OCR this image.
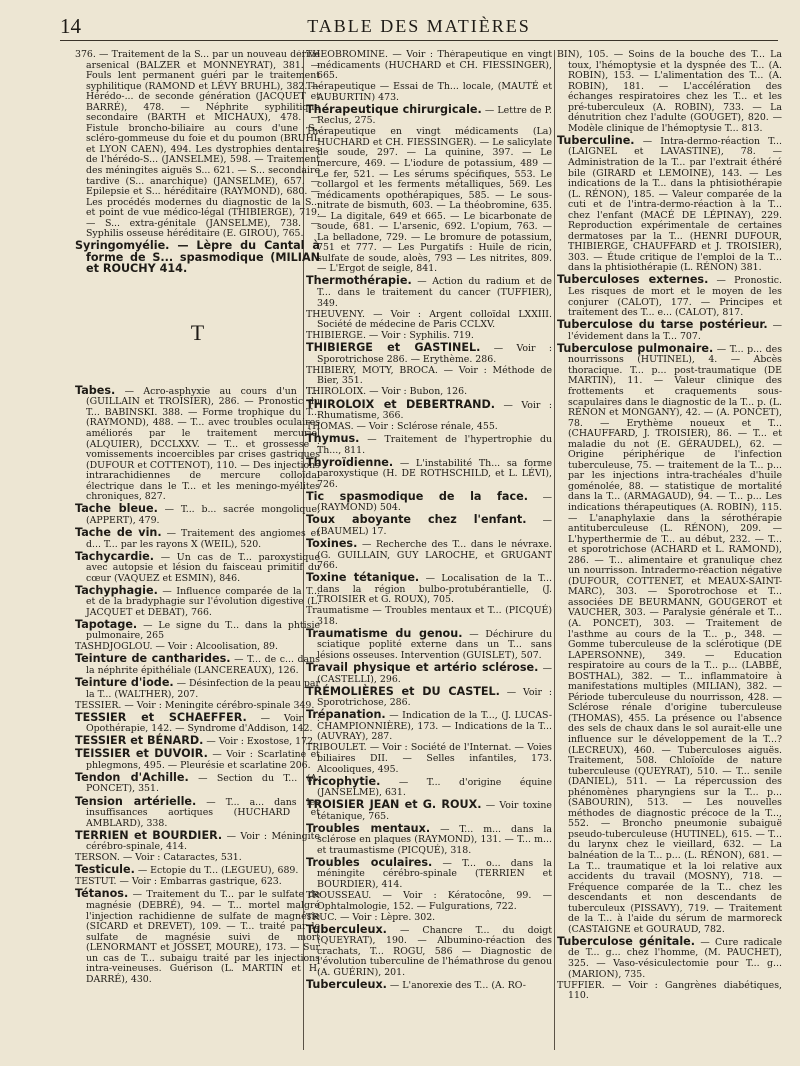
14	TABLE DES MATIÈRES

376. — Traitement de la S... par un nouveau dérivé arsenical (BALZER et MONNEYRAT), 381. — Fouls lent permanent guéri par le traitement syphilitique (RAMOND et LÉVY BRUHL), 382. — Hérédo-... de seconde génération (JACQUET et BARRÉ), 478. — Néphrite syphilitique secondaire (BARTH et MICHAUX), 478. — Fistule broncho-biliaire au cours d'une S.. scléro-gommeuse du foie et du poumon (BRUHL et LYON CAEN), 494. Les dystrophies dentaires de l'hérédo-S... (JANSELME), 598. — Traitement des méningites aiguës S... 621. — S... secondaire tardive (S... anarchique) (JANSELME), 657. — Epilepsie et S... héréditaire (RAYMOND), 680. — Les procédés modernes du diagnostic de la S... et point de vue médico-légal (THIBIERGE), 719. — S... extra-génitale (JANSELME), 738. — Syphilis osseuse héréditaire (E. GIROU), 765.

Syringomyélie. — Lèpre du Cantal à forme de S... spasmodique (MILIAN et ROUCHY 414.

T

Tabes. — Acro-asphyxie au cours d'un T... (GUILLAIN et TROISIER), 286. — Pronostic du T... BABINSKI. 388. — Forme trophique du T... (RAYMOND), 488. — T... avec troubles oculaires améliorés par le traitement mercuriel (ALQUIER), DCCLXXV. — T... et grossesse : vomissements incoercibles par crises gastriques (DUFOUR et COTTENOT), 110. — Des injections intrarachidiennes de mercure colloïdal électrique dans le T... et les meningo-myélites chroniques, 827.

Tache bleue. — T... b... sacrée mongolique, (APPERT), 479.

Tache de vin. — Traitement des angiomes et d... T... par les rayons X (WEIL), 520.

Tachycardie. — Un cas de T... paroxystique avec autopsie et lésion du faisceau primitif du cœur (VAQUEZ et ESMIN), 846.

Tachyphagie. — Influence comparée de la T... et de la bradyphagie sur l'évolution digestive (L. JACQUET et DEBAT), 766.

Tapotage. — Le signe du T... dans la phtisie pulmonaire, 265

TASHDJOGLOU. — Voir : Alcoolisation, 89.

Teinture de cantharides. — T... de c... dans la néphrite épithéliale (LANCEREAUX), 126.

Teinture d'iode. — Désinfection de la peau par la T... (WALTHER), 207.

TESSIER. — Voir : Meningite cérébro-spinale 349.

TESSIER et SCHAEFFER. — Voir : Opothérapie, 142. — Syndrome d'Addison, 142.

TESSIER et BÉNARD. — Voir : Exostose, 172.

TEISSIER et DUVOIR. — Voir : Scarlatine et phlegmons, 495. — Pleurésie et scarlatine 206.

Tendon d'Achille. — Section du T... (A. PONCET), 351.

Tension artérielle. — T... a... dans les insuffisances aortiques (HUCHARD et AMBLARD), 338.

TERRIEN et BOURDIER. — Voir : Méningite cérébro-spinale, 414.

TERSON. — Voir : Cataractes, 531.

Testicule. — Ectopie du T... (LEGUEU), 689.

TESTUT. — Voir : Embarras gastrique, 623.

Tétanos. — Traitement du T... par le sulfate de magnésie (DEBRÉ), 94. — T... mortel malgré l'injection rachidienne de sulfate de magnésie (SICARD et DREVET), 109. — T... traité par le sulfate de magnésie suivi de mort (LENORMANT et JOSSET, MOURE), 173. — Sur un cas de T... subaigu traité par les injections intra-veineuses. Guérison (L. MARTIN et H. DARRÉ), 430.

THÉOBROMINE. — Voir : Thérapeutique en vingt médicaments (HUCHARD et CH. FIESSINGER), 665.

Thérapeutique — Essai de Th... locale, (MAUTÉ et AUBURTIN) 473.

Thérapeutique chirurgicale. — Lettre de P. Reclus, 275.

Thérapeutique en vingt médicaments (La) HUCHARD et CH. FIESSINGER). — Le salicylate de soude, 297. — La quinine, 397. — Le mercure, 469. — L'iodure de potassium, 489 — Le fer, 521. — Les sérums spécifiques, 553. Le collargol et les ferments métalliques, 569. Les médicaments opothérapiques, 585. — Le sous-nitrate de bismuth, 603. — La théobromine, 635. — La digitale, 649 et 665. — Le bicarbonate de soude, 681. — L'arsenic, 692. L'opium, 763. — La belladone, 729. — Le bromure de potassium, 751 et 777. — Les Purgatifs : Huile de ricin, sulfate de soude, aloès, 793 — Les nitrites, 809. — L'Ergot de seigle, 841.

Thermothérapie. — Action du radium et de T... dans le traitement du cancer (TUFFIER), 349.

THEUVENY. — Voir : Argent colloïdal LXXIII. Société de médecine de Paris CCLXV.

THIBIERGE. — Voir : Syphilis. 719.

THIBIERGE et GASTINEL. — Voir : Sporotrichose 286. — Erythème. 286.

THIBIERY, MOTY, BROCA. — Voir : Méthode de Bier, 351.

THIROLOIX. — Voir : Bubon, 126.

THIROLOIX et DEBERTRAND. — Voir : Rhumatisme, 366.

THOMAS. — Voir : Sclérose rénale, 455.

Thymus. — Traitement de l'hypertrophie du Th..., 811.

Thyroïdienne. — L'instabilité Th... sa forme paroxystique (H. DE ROTHSCHILD, et L. LÉVI), 726.

Tic spasmodique de la face. — (RAYMOND) 504.

Toux aboyante chez l'enfant. — (BAUMEL) 17.

Toxines. — Recherche des T... dans le névraxe. (G. GUILLAIN, GUY LAROCHE, et GRUGANT 766.

Toxine tétanique. — Localisation de la T... dans la région bulbo-protubérantielle, (J. TROISIER et G. ROUX), 705.

Traumatisme — Troubles mentaux et T... (PICQUÉ) 318.

Traumatisme du genou. — Déchirure du sciatique poplité externe dans un T... sans lésions osseuses. Intervention (GUISLET), 507.

Travail physique et artério sclérose. — (CASTELLI), 296.

TRÉMOLIÈRES et DU CASTEL. — Voir : Sporotrichose, 286.

Trépanation. — Indication de la T..., (J. LUCAS-CHAMPIONNIÈRE), 173. — Indications de la T... (AUVRAY), 287.

TRIBOULET. — Voir : Société de l'Internat. — Voies biliaires DII. — Selles infantiles, 173. Alcooliques, 495.

Tricophytie. — T... d'origine équine (JANSELME), 631.

TROISIER JEAN et G. ROUX. — Voir toxine tétanique, 765.

Troubles mentaux. — T... m... dans la sclérose en plaques (RAYMOND), 131. — T... m... et traumastisme (PICQUÉ), 318.

Troubles oculaires. — T... o... dans la méningite cérébro-spinale (TERRIEN et BOURDIER), 414.

TROUSSEAU. — Voir : Kératocône, 99. — Ophtalmologie, 152. — Fulgurations, 722.

TRUC. — Voir : Lèpre. 302.

Tuberculeux. — Chancre T... du doigt (QUEYRAT), 190. — Albumino-réaction des crachats, T... ROGU, 586 — Diagnostic de l'évolution tuberculine de l'hémathrose du genou (A. GUÉRIN), 201.

Tuberculeux. — L'anorexie des T... (A. RO-

BIN), 105. — Soins de la bouche des T... La toux, l'hémoptysie et la dyspnée des T... (A. ROBIN), 153. — L'alimentation des T... (A. ROBIN), 181. — L'accélération des échanges respiratoires chez les T... et les pré-tuberculeux (A. ROBIN), 733. — La dénutrition chez l'adulte (GOUGET), 820. — Modèle clinique de l'hémoptysie T... 813.

Tuberculine. — Intra-dermo-réaction T... (LAIGNEL et LAVASTINE), 78. — Administration de la T... par l'extrait éthéré bile (GIRARD et LEMOINE), 143. — Les indications de la T... dans la phtisiothérapie (L. RÉNON), 185. — Valeur comparée de la cuti et de l'intra-dermo-réaction à la T... chez l'enfant (MACÉ DE LÉPINAY), 229. Reproduction expérimentale de certaines dermatoses par la T... (HENRI DUFOUR, THIBIERGE, CHAUFFARD et J. TROISIER), 303. — Étude critique de l'emploi de la T... dans la phtisiothérapie (L. RÉNON) 381.

Tuberculoses externes. — Pronostic. Les risques de mort et le moyen de les conjurer (CALOT), 177. — Principes et traitement des T... e... (CALOT), 817.

Tuberculose du tarse postérieur. — l'évidement dans la T... 707.

Tuberculose pulmonaire. — T... p... des nourrissons (HUTINEL), 4. — Abcès thoracique. T... p... post-traumatique (DE MARTIN), 11. — Valeur clinique des frottements et craquements sous-scapulaires dans le diagnostic de la T... p. (L. RÉNON et MONGANY), 42. — (A. PONCET), 78. — Erythème noueux et T... (CHAUFFARD, J. TROISIER), 86. — T... et maladie du not (E. GÉRAUDEL), 62. — Origine périphérique de l'infection tuberculeuse, 75. — traitement de la T... p... par les injections intra-trachéales d'huile goménolée, 88. — statistique de mortalité dans la T... (ARMAGAUD), 94. — T... p... Les indications thérapeutiques (A. ROBIN), 115. — L'anaphylaxie dans la sérothérapie antituberculeuse (L. RÉNON), 209. — L'hyperthermie de T... au début, 232. — T... et sporotrichose (ACHARD et L. RAMOND), 286. — T... alimentaire et granulique chez un nourrisson. Intradermo-réaction négative (DUFOUR, COTTENET, et MEAUX-SAINT-MARC), 303. — Sporotrochose et T... associées DE BEURMANN, GOUGEROT et VAUCHER, 303. — Paralysie générale et T... (A. PONCET), 303. — Traitement de l'asthme au cours de la T... p., 348. — Gomme tuberculeuse de la sclérotique (DE LAPERSONNE), 349. — Education respiratoire au cours de la T... p... (LABBÉ, BOSTHAL), 382. — T... inflammatoire à manifestations multiples (MILIAN), 382. — Période tuberculeuse du nourrisson, 428. — Sclérose rénale d'origine tuberculeuse (THOMAS), 455. La présence ou l'absence des sels de chaux dans le sol aurait-elle une influence sur le développement de la T...? (LECREUX), 460. — Tuberculoses aiguës. Traitement, 508. Chloïoïde de nature tuberculeuse (QUEYRAT), 510. — T... senile (DANIEL), 511. — La répercussion des phénomènes pharyngiens sur la T... p... (SABOURIN), 513. — Les nouvelles méthodes de diagnostic précoce de la T..., 552. — Broncho pneumonie subaiguë pseudo-tuberculeuse (HUTINEL), 615. — T... du larynx chez le vieillard, 632. — La balnéation de la T... p... (L. RÉNON), 681. — La T... traumatique et la loi relative aux accidents du travail (MOSNY), 718. — Fréquence comparée de la T... chez les descendants et non descendants de tuberculeux (PISSAVY), 719. — Traitement de la T... à l'aide du sérum de marmoreck (CASTAIGNE et GOURAUD, 782.

Tuberculose génitale. — Cure radicale de T... g... chez l'homme, (M. PAUCHET), 325. — Vaso-vésiculectomie pour T... g... (MARION), 735.

TUFFIER. — Voir : Gangrènes diabétiques, 110.
